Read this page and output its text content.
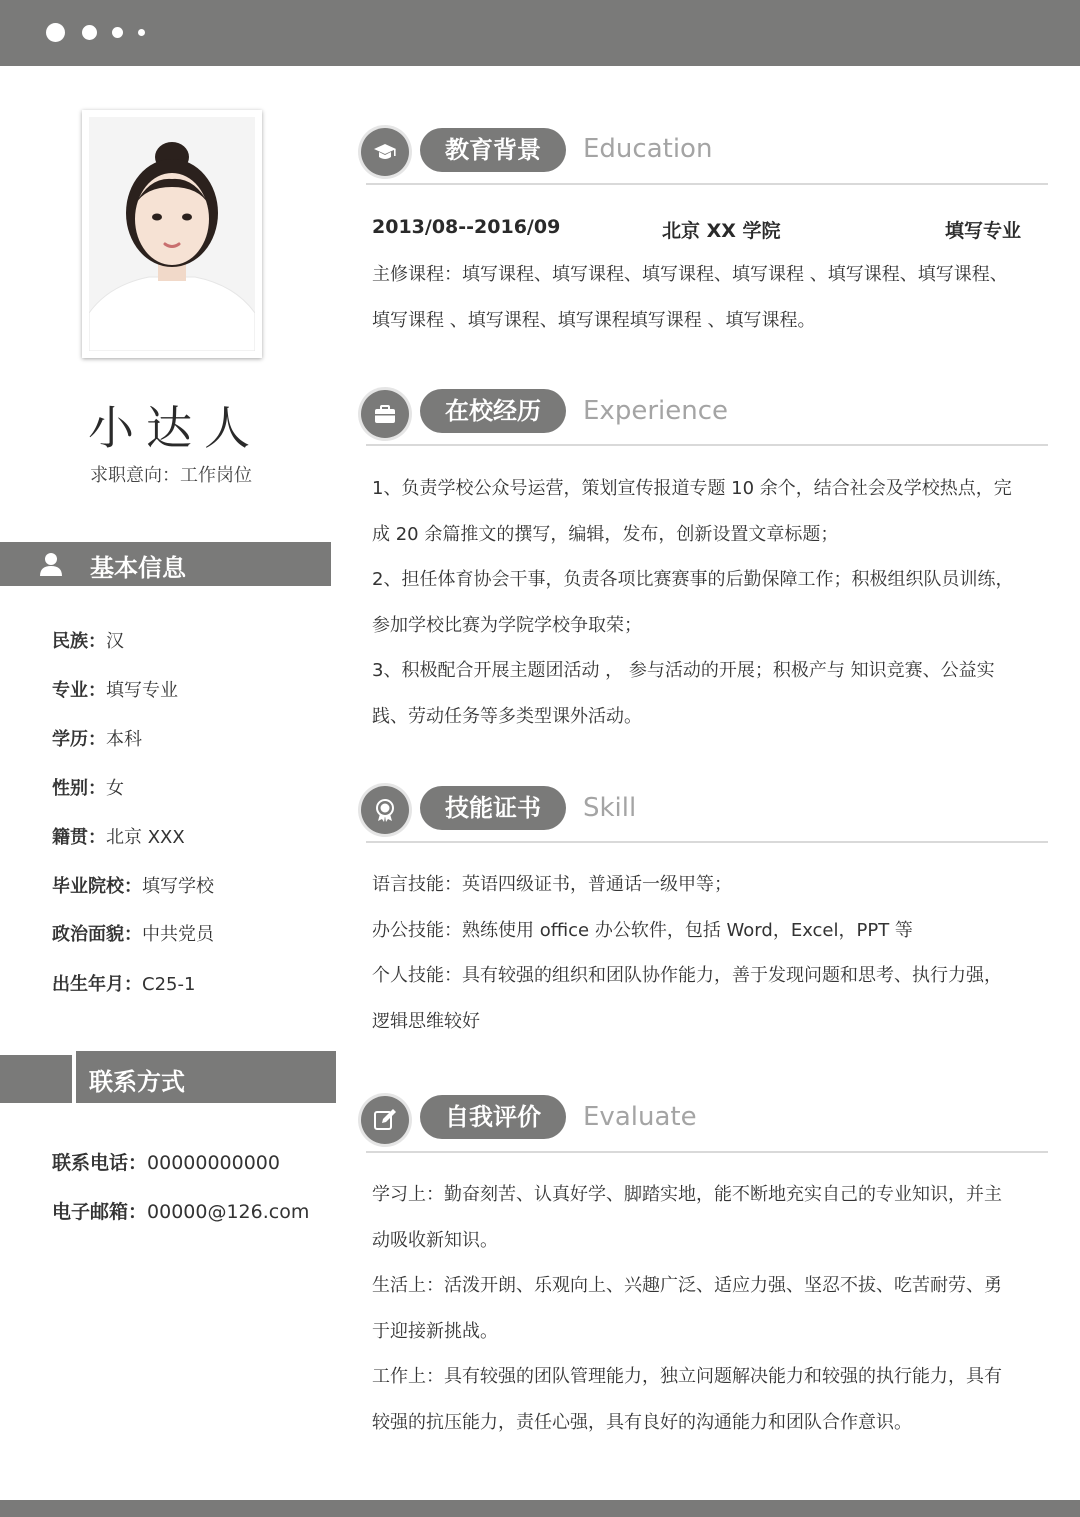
小达人
求职意向：工作岗位
基本信息
民族：汉
专业：填写专业
学历：本科
性别：女
籍贯：北京 XXX
毕业院校：填写学校
政治面貌：中共党员
出生年月：C25-1
联系方式
联系电话：00000000000
电子邮箱：00000@126.com
教育背景	Education
2013/08--2016/09	北京 XX 学院	填写专业

主修课程：填写课程、填写课程、填写课程、填写课程 、填写课程、填写课程、

填写课程 、填写课程、填写课程填写课程 、填写课程。

在校经历	Experience

1、负责学校公众号运营，策划宣传报道专题 10 余个，结合社会及学校热点，完

成 20 余篇推文的撰写，编辑，发布，创新设置文章标题；

2、担任体育协会干事，负责各项比赛赛事的后勤保障工作；积极组织队员训练，

参加学校比赛为学院学校争取荣；

3、积极配合开展主题团活动 ， 参与活动的开展；积极产与 知识竞赛、公益实

践、劳动任务等多类型课外活动。

技能证书	Skill

语言技能：英语四级证书，普通话一级甲等；

办公技能：熟练使用 office 办公软件，包括 Word，Excel，PPT 等

个人技能：具有较强的组织和团队协作能力，善于发现问题和思考、执行力强，

逻辑思维较好

自我评价	Evaluate

学习上：勤奋刻苦、认真好学、脚踏实地，能不断地充实自己的专业知识，并主

动吸收新知识。

生活上：活泼开朗、乐观向上、兴趣广泛、适应力强、坚忍不拔、吃苦耐劳、勇

于迎接新挑战。

工作上：具有较强的团队管理能力，独立问题解决能力和较强的执行能力，具有

较强的抗压能力，责任心强，具有良好的沟通能力和团队合作意识。
